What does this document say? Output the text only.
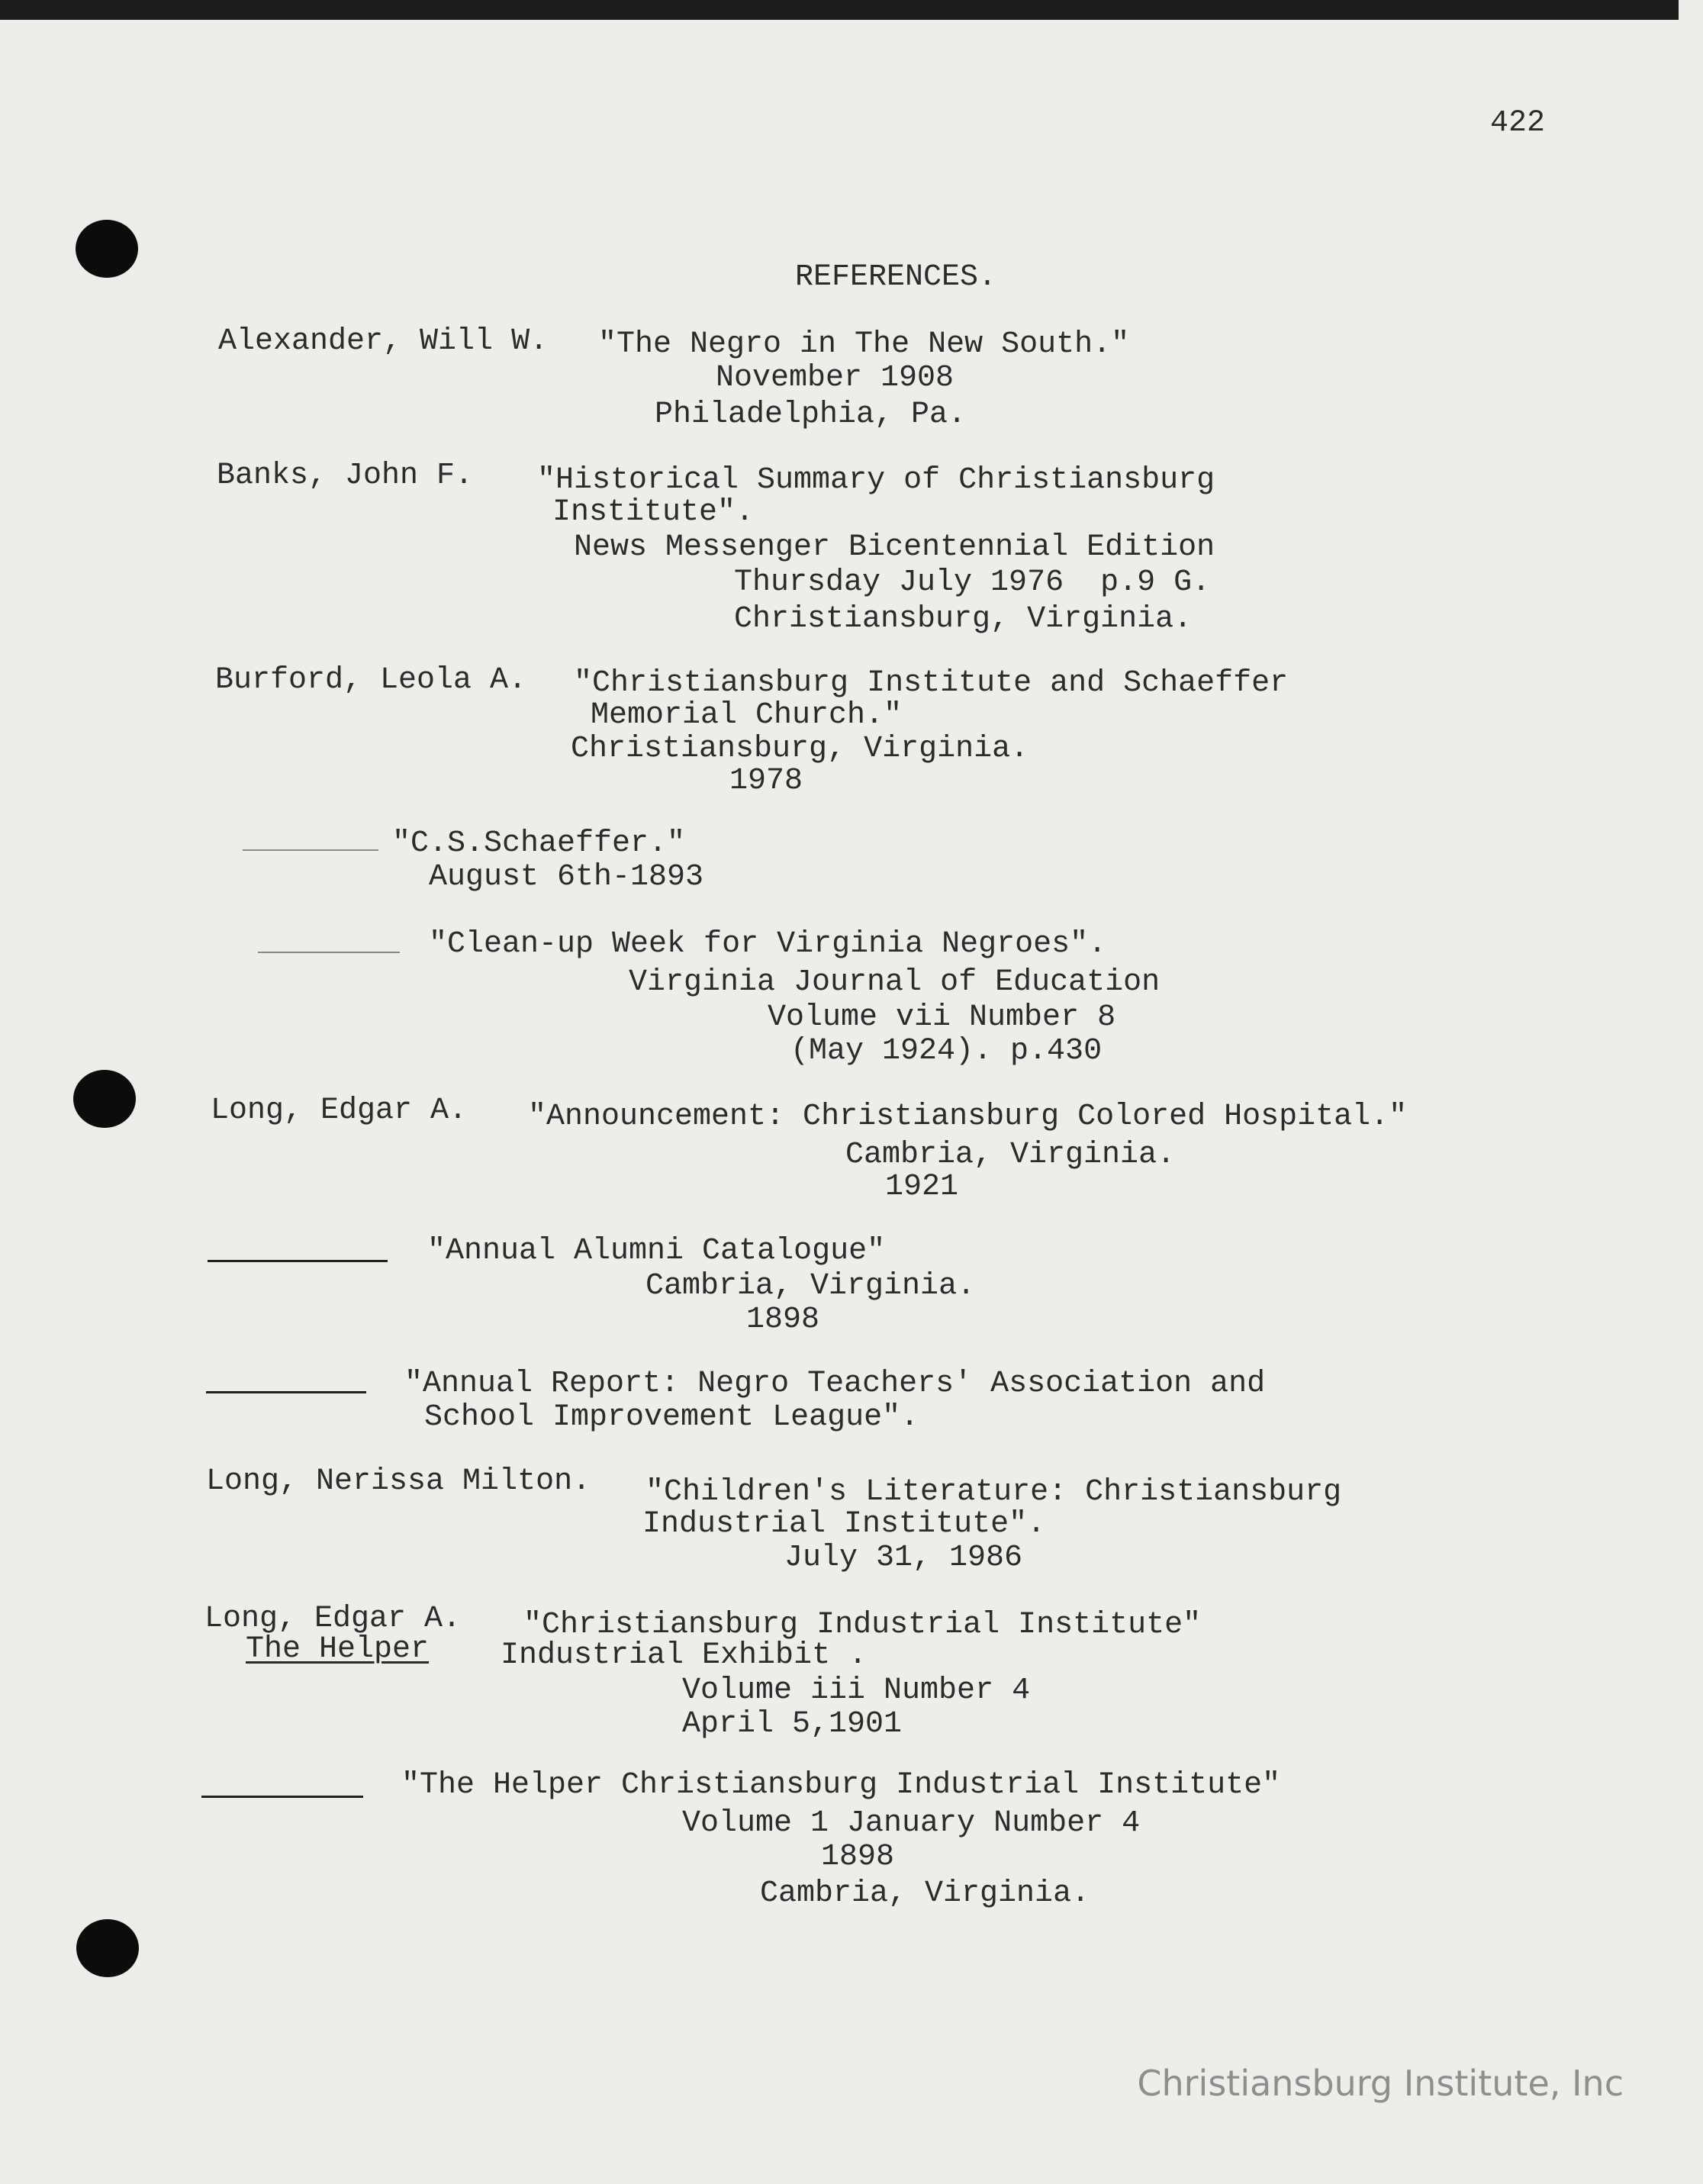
422
REFERENCES.
Alexander, Will W. "The Negro in The New South."
November 1908
Philadelphia, Pa.
Banks, John F. "Historical Summary of Christiansburg
Institute".
News Messenger Bicentennial Edition
Thursday July 1976  p.9 G.
Christiansburg, Virginia.
Burford, Leola A. "Christiansburg Institute and Schaeffer
Memorial Church."
Christiansburg, Virginia.
1978
"C.S.Schaeffer."
August 6th-1893
"Clean-up Week for Virginia Negroes".
Virginia Journal of Education
Volume vii Number 8
(May 1924). p.430
Long, Edgar A. "Announcement: Christiansburg Colored Hospital."
Cambria, Virginia.
1921
"Annual Alumni Catalogue"
Cambria, Virginia.
1898
"Annual Report: Negro Teachers' Association and
School Improvement League".
Long, Nerissa Milton. "Children's Literature: Christiansburg
Industrial Institute".
July 31, 1986
Long, Edgar A. "Christiansburg Industrial Institute"
The Helper Industrial Exhibit .
Volume iii Number 4
April 5,1901
"The Helper Christiansburg Industrial Institute"
Volume 1 January Number 4
1898
Cambria, Virginia.
Christiansburg Institute, Inc
